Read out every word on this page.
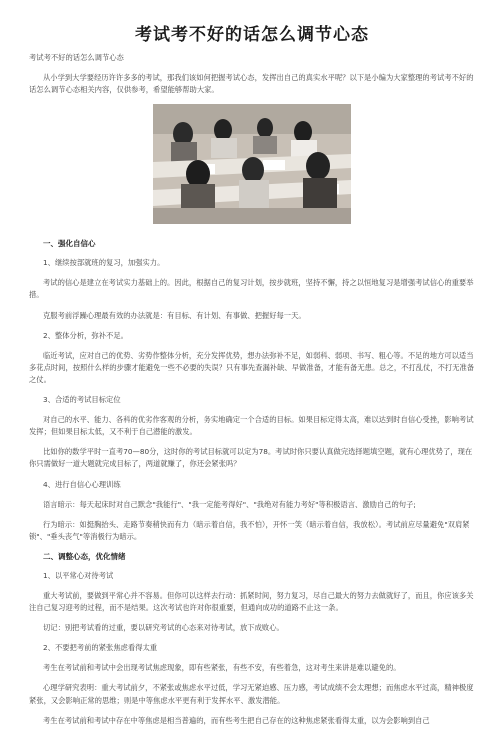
考试考不好的话怎么调节心态

考试考不好的话怎么调节心态

从小学到大学要经历许许多多的考试，那我们该如何把握考试心态，发挥出自己的真实水平呢？以下是小编为大家整理的考试考不好的话怎么调节心态相关内容，仅供参考，希望能够帮助大家。

一、强化自信心

1、继续按部就班的复习，加强实力。

考试的信心是建立在考试实力基础上的。因此，根据自己的复习计划，按步就班，坚持不懈，持之以恒地复习是增强考试信心的重要举措。

克服考前浮躁心理最有效的办法就是：有目标、有计划、有事做、把握好每一天。

2、整体分析，弥补不足。

临近考试，应对自己的优势、劣势作整体分析，充分发挥优势，想办法弥补不足，如弱科、弱项、书写、粗心等。不足的地方可以适当多花点时间，按照什么样的步骤才能避免一些不必要的失误？只有事先查漏补缺、早做准备，才能有备无患。总之，不打乱仗，不打无准备之仗。

3、合适的考试目标定位

对自己的水平、能力、各科的优劣作客观的分析，务实地确定一个合适的目标。如果目标定得太高，难以达到时自信心受挫，影响考试发挥；但如果目标太低，又不利于自己潜能的激发。

比如你的数学平时一直考70—80分，这时你的考试目标就可以定为78。考试时你只要认真做完选择题填空题，就有心理优势了，现在你只需做好一道大题就完成目标了，两道就赚了，你还会紧张吗？

4、进行自信心心理训练

语言暗示：每天起床时对自己默念"我能行"、"我一定能考得好"、"我绝对有能力考好"等积极语言、激励自己的句子;

行为暗示：如挺胸抬头、走路节奏稍快而有力（暗示着自信，我不怕），开怀一笑（暗示着自信，我放松）。考试前应尽量避免"双肩紧锁"、"垂头丧气"等消极行为暗示。

二、调整心态，优化情绪

1、以平常心对待考试

重大考试前，要做到平常心并不容易。但你可以这样去行动：抓紧时间，努力复习，尽自己最大的努力去做就好了，而且，你应该多关注自己复习迎考的过程，而不是结果。这次考试也许对你很重要，但通向成功的道路不止这一条。

切记：别把考试看的过重，要以研究考试的心态来对待考试，放下成败心。

2、不要把考前的紧张焦虑看得太重

考生在考试前和考试中会出现考试焦虑现象，即有些紧张，有些不安，有些着急，这对考生来讲是难以避免的。

心理学研究表明：重大考试前夕，不紧张或焦虑水平过低，学习无紧迫感、压力感，考试成绩不会太理想；而焦虑水平过高，精神极度紧张，又会影响正常的思维；则是中等焦虑水平更有利于发挥水平、激发潜能。

考生在考试前和考试中存在中等焦虑是相当普遍的，而有些考生把自己存在的这种焦虑紧张看得太重，以为会影响到自己
